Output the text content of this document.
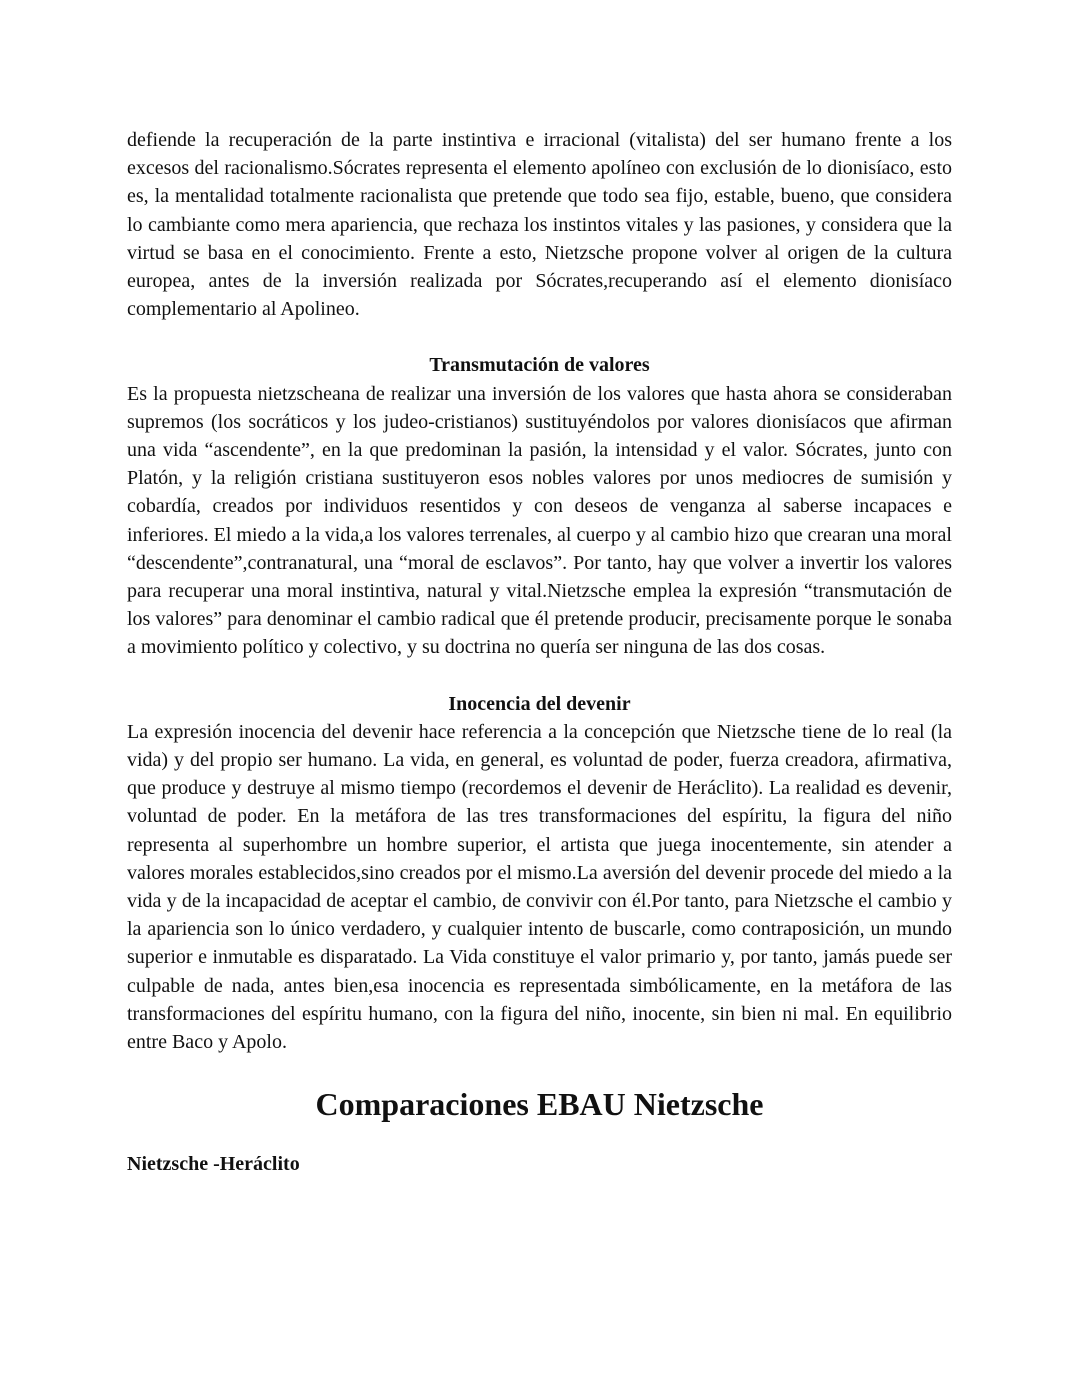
defiende la recuperación de la parte instintiva e irracional (vitalista) del ser humano frente a los excesos del racionalismo.Sócrates representa el elemento apolíneo con exclusión de lo dionisíaco, esto es, la mentalidad totalmente racionalista que pretende que todo sea fijo, estable, bueno, que considera lo cambiante como mera apariencia, que rechaza los instintos vitales y las pasiones, y considera que la virtud se basa en el conocimiento. Frente a esto, Nietzsche propone volver al origen de la cultura europea, antes de la inversión realizada por Sócrates,recuperando así el elemento dionisíaco complementario al Apolineo.

Transmutación de valores

Es la propuesta nietzscheana de realizar una inversión de los valores que hasta ahora se consideraban supremos (los socráticos y los judeo-cristianos) sustituyéndolos por valores dionisíacos que afirman una vida “ascendente”, en la que predominan la pasión, la intensidad y el valor. Sócrates, junto con Platón, y la religión cristiana sustituyeron esos nobles valores por unos mediocres de sumisión y cobardía, creados por individuos resentidos y con deseos de venganza al saberse incapaces e inferiores. El miedo a la vida,a los valores terrenales, al cuerpo y al cambio hizo que crearan una moral “descendente”,contranatural, una “moral de esclavos”. Por tanto, hay que volver a invertir los valores para recuperar una moral instintiva, natural y vital.Nietzsche emplea la expresión “transmutación de los valores” para denominar el cambio radical que él pretende producir, precisamente porque le sonaba a movimiento político y colectivo, y su doctrina no quería ser ninguna de las dos cosas.

Inocencia del devenir

La expresión inocencia del devenir hace referencia a la concepción que Nietzsche tiene de lo real (la vida) y del propio ser humano. La vida, en general, es voluntad de poder, fuerza creadora, afirmativa, que produce y destruye al mismo tiempo (recordemos el devenir de Heráclito). La realidad es devenir, voluntad de poder. En la metáfora de las tres transformaciones del espíritu, la figura del niño representa al superhombre un hombre superior, el artista que juega inocentemente, sin atender a valores morales establecidos,sino creados por el mismo.La aversión del devenir procede del miedo a la vida y de la incapacidad de aceptar el cambio, de convivir con él.Por tanto, para Nietzsche el cambio y la apariencia son lo único verdadero, y cualquier intento de buscarle, como contraposición, un mundo superior e inmutable es disparatado. La Vida constituye el valor primario y, por tanto, jamás puede ser culpable de nada, antes bien,esa inocencia es representada simbólicamente, en la metáfora de las transformaciones del espíritu humano, con la figura del niño, inocente, sin bien ni mal. En equilibrio entre Baco y Apolo.

Comparaciones EBAU Nietzsche
Nietzsche -Heráclito
